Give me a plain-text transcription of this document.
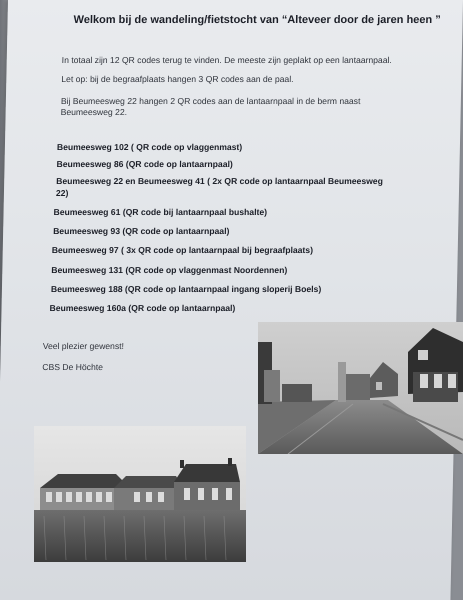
Welkom bij de wandeling/fietstocht van “Alteveer door de jaren heen ”
In totaal zijn 12 QR codes terug te vinden. De meeste zijn geplakt op een lantaarnpaal.
Let op: bij de begraafplaats hangen 3 QR codes aan de paal.
Bij Beumeesweg 22 hangen 2 QR codes aan de lantaarnpaal in de berm naast
Beumeesweg 22.
Beumeesweg 102 ( QR code op vlaggenmast)
Beumeesweg 86 (QR code op lantaarnpaal)
Beumeesweg 22 en Beumeesweg 41 ( 2x QR code op lantaarnpaal Beumeesweg
22)
Beumeesweg 61 (QR code bij lantaarnpaal bushalte)
Beumeesweg 93 (QR code op lantaarnpaal)
Beumeesweg 97 ( 3x QR code op lantaarnpaal bij begraafplaats)
Beumeesweg 131 (QR code op vlaggenmast Noordennen)
Beumeesweg 188 (QR code op lantaarnpaal ingang sloperij Boels)
Beumeesweg 160a (QR code op lantaarnpaal)
Veel plezier gewenst!
CBS De Höchte
